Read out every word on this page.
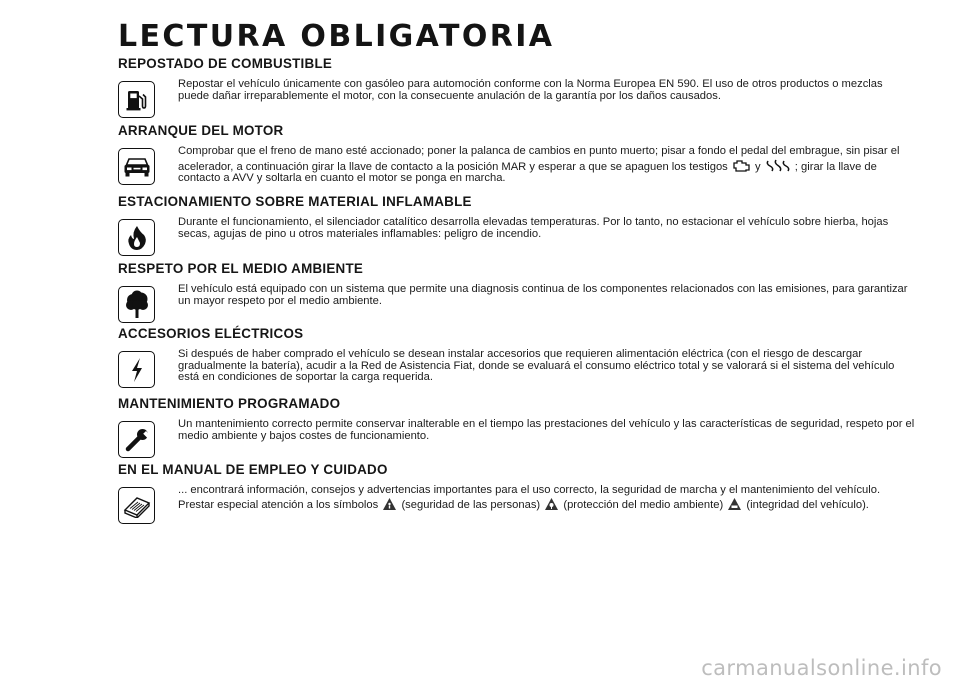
LECTURA OBLIGATORIA
REPOSTADO DE COMBUSTIBLE

Repostar el vehículo únicamente con gasóleo para automoción conforme con la Norma Europea EN 590. El uso de otros productos o mezclas puede dañar irreparablemente el motor, con la consecuente anulación de la garantía por los daños causados.

ARRANQUE DEL MOTOR

Comprobar que el freno de mano esté accionado; poner la palanca de cambios en punto muerto; pisar a fondo el pedal del embrague, sin pisar el acelerador, a continuación girar la llave de contacto a la posición MAR y esperar a que se apaguen los testigos y	; girar la llave de contacto a AVV y soltarla en cuanto el motor se ponga en marcha.

ESTACIONAMIENTO SOBRE MATERIAL INFLAMABLE

Durante el funcionamiento, el silenciador catalítico desarrolla elevadas temperaturas. Por lo tanto, no estacionar el vehículo sobre hierba, hojas secas, agujas de pino u otros materiales inflamables: peligro de incendio.

RESPETO POR EL MEDIO AMBIENTE

El vehículo está equipado con un sistema que permite una diagnosis continua de los componentes relacionados con las emisiones, para garantizar un mayor respeto por el medio ambiente.

ACCESORIOS ELÉCTRICOS

Si después de haber comprado el vehículo se desean instalar accesorios que requieren alimentación eléctrica (con el riesgo de descargar gradualmente la batería), acudir a la Red de Asistencia Fiat, donde se evaluará el consumo eléctrico total y se valorará si el sistema del vehículo está en condiciones de soportar la carga requerida.

MANTENIMIENTO PROGRAMADO

Un mantenimiento correcto permite conservar inalterable en el tiempo las prestaciones del vehículo y las características de seguridad, respeto por el medio ambiente y bajos costes de funcionamiento.

EN EL MANUAL DE EMPLEO Y CUIDADO

... encontrará información, consejos y advertencias importantes para el uso correcto, la seguridad de marcha y el mantenimiento del vehículo. Prestar especial atención a los símbolos (seguridad de las personas) (protección del medio ambiente) (integridad del vehículo).

carmanualsonline.info
